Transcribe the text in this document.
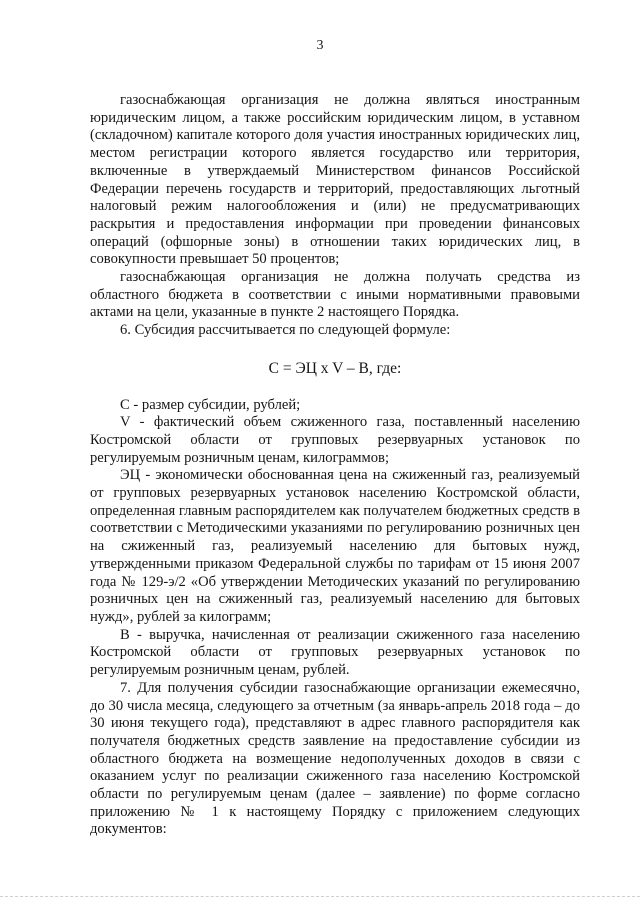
3

газоснабжающая организация не должна являться иностранным юридическим лицом, а также российским юридическим лицом, в уставном (складочном) капитале которого доля участия иностранных юридических лиц, местом регистрации которого является государство или территория, включенные в утверждаемый Министерством финансов Российской Федерации перечень государств и территорий, предоставляющих льготный налоговый режим налогообложения и (или) не предусматривающих раскрытия и предоставления информации при проведении финансовых операций (офшорные зоны) в отношении таких юридических лиц, в совокупности превышает 50 процентов;

газоснабжающая организация не должна получать средства из областного бюджета в соответствии с иными нормативными правовыми актами на цели, указанные в пункте 2 настоящего Порядка.

6. Субсидия рассчитывается по следующей формуле:

С = ЭЦ x V – В, где:

С - размер субсидии, рублей;

V - фактический объем сжиженного газа, поставленный населению Костромской области от групповых резервуарных установок по регулируемым розничным ценам, килограммов;

ЭЦ - экономически обоснованная цена на сжиженный газ, реализуемый от групповых резервуарных установок населению Костромской области, определенная главным распорядителем как получателем бюджетных средств в соответствии с Методическими указаниями по регулированию розничных цен на сжиженный газ, реализуемый населению для бытовых нужд, утвержденными приказом Федеральной службы по тарифам от 15 июня 2007 года № 129-э/2 «Об утверждении Методических указаний по регулированию розничных цен на сжиженный газ, реализуемый населению для бытовых нужд», рублей за килограмм;

В - выручка, начисленная от реализации сжиженного газа населению Костромской области от групповых резервуарных установок по регулируемым розничным ценам, рублей.

7. Для получения субсидии газоснабжающие организации ежемесячно, до 30 числа месяца, следующего за отчетным (за январь-апрель 2018 года – до 30 июня текущего года), представляют в адрес главного распорядителя как получателя бюджетных средств заявление на предоставление субсидии из областного бюджета на возмещение недополученных доходов в связи с оказанием услуг по реализации сжиженного газа населению Костромской области по регулируемым ценам (далее – заявление) по форме согласно приложению № 1 к настоящему Порядку с приложением следующих документов:
